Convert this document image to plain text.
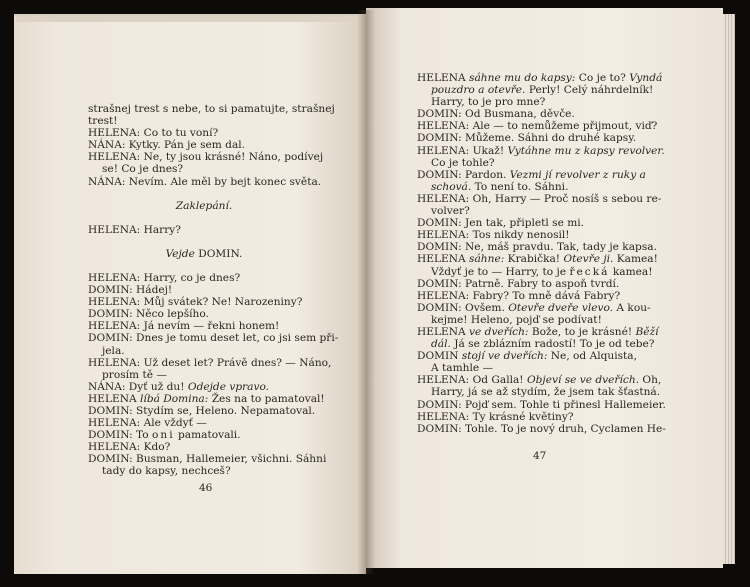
strašnej trest s nebe, to si pamatujte, strašnej
trest!
HELENA: Co to tu voní?
NÁNA: Kytky. Pán je sem dal.
HELENA: Ne, ty jsou krásné! Náno, podívej
se! Co je dnes?
NÁNA: Nevím. Ale měl by bejt konec světa.
Zaklepání.
HELENA: Harry?
Vejde DOMIN.
HELENA: Harry, co je dnes?
DOMIN: Hádej!
HELENA: Můj svátek? Ne! Narozeniny?
DOMIN: Něco lepšího.
HELENA: Já nevím — řekni honem!
DOMIN: Dnes je tomu deset let, co jsi sem při-
jela.
HELENA: Už deset let? Právě dnes? — Náno,
prosím tě —
NÁNA: Dyť už du! Odejde vpravo.
HELENA líbá Domina: Žes na to pamatoval!
DOMIN: Stydím se, Heleno. Nepamatoval.
HELENA: Ale vždyť —
DOMIN: To oni pamatovali.
HELENA: Kdo?
DOMIN: Busman, Hallemeier, všichni. Sáhni
tady do kapsy, nechceš?
46
HELENA sáhne mu do kapsy: Co je to? Vyndá
pouzdro a otevře. Perly! Celý náhrdelník!
Harry, to je pro mne?
DOMIN: Od Busmana, děvče.
HELENA: Ale — to nemůžeme přijmout, viď?
DOMIN: Můžeme. Sáhni do druhé kapsy.
HELENA: Ukaž! Vytáhne mu z kapsy revolver.
Co je tohle?
DOMIN: Pardon. Vezmi jí revolver z ruky a
schová. To není to. Sáhni.
HELENA: Oh, Harry — Proč nosíš s sebou re-
volver?
DOMIN: Jen tak, připletl se mi.
HELENA: Tos nikdy nenosil!
DOMIN: Ne, máš pravdu. Tak, tady je kapsa.
HELENA sáhne: Krabička! Otevře ji. Kamea!
Vždyť je to — Harry, to je řecká kamea!
DOMIN: Patrně. Fabry to aspoň tvrdí.
HELENA: Fabry? To mně dává Fabry?
DOMIN: Ovšem. Otevře dveře vlevo. A kou-
kejme! Heleno, pojď se podívat!
HELENA ve dveřích: Bože, to je krásné! Běží
dál. Já se zblázním radostí! To je od tebe?
DOMIN stojí ve dveřích: Ne, od Alquista,
A tamhle —
HELENA: Od Galla! Objeví se ve dveřích. Oh,
Harry, já se až stydím, že jsem tak šťastná.
DOMIN: Pojď sem. Tohle ti přinesl Hallemeier.
HELENA: Ty krásné květiny?
DOMIN: Tohle. To je nový druh, Cyclamen He-
47
